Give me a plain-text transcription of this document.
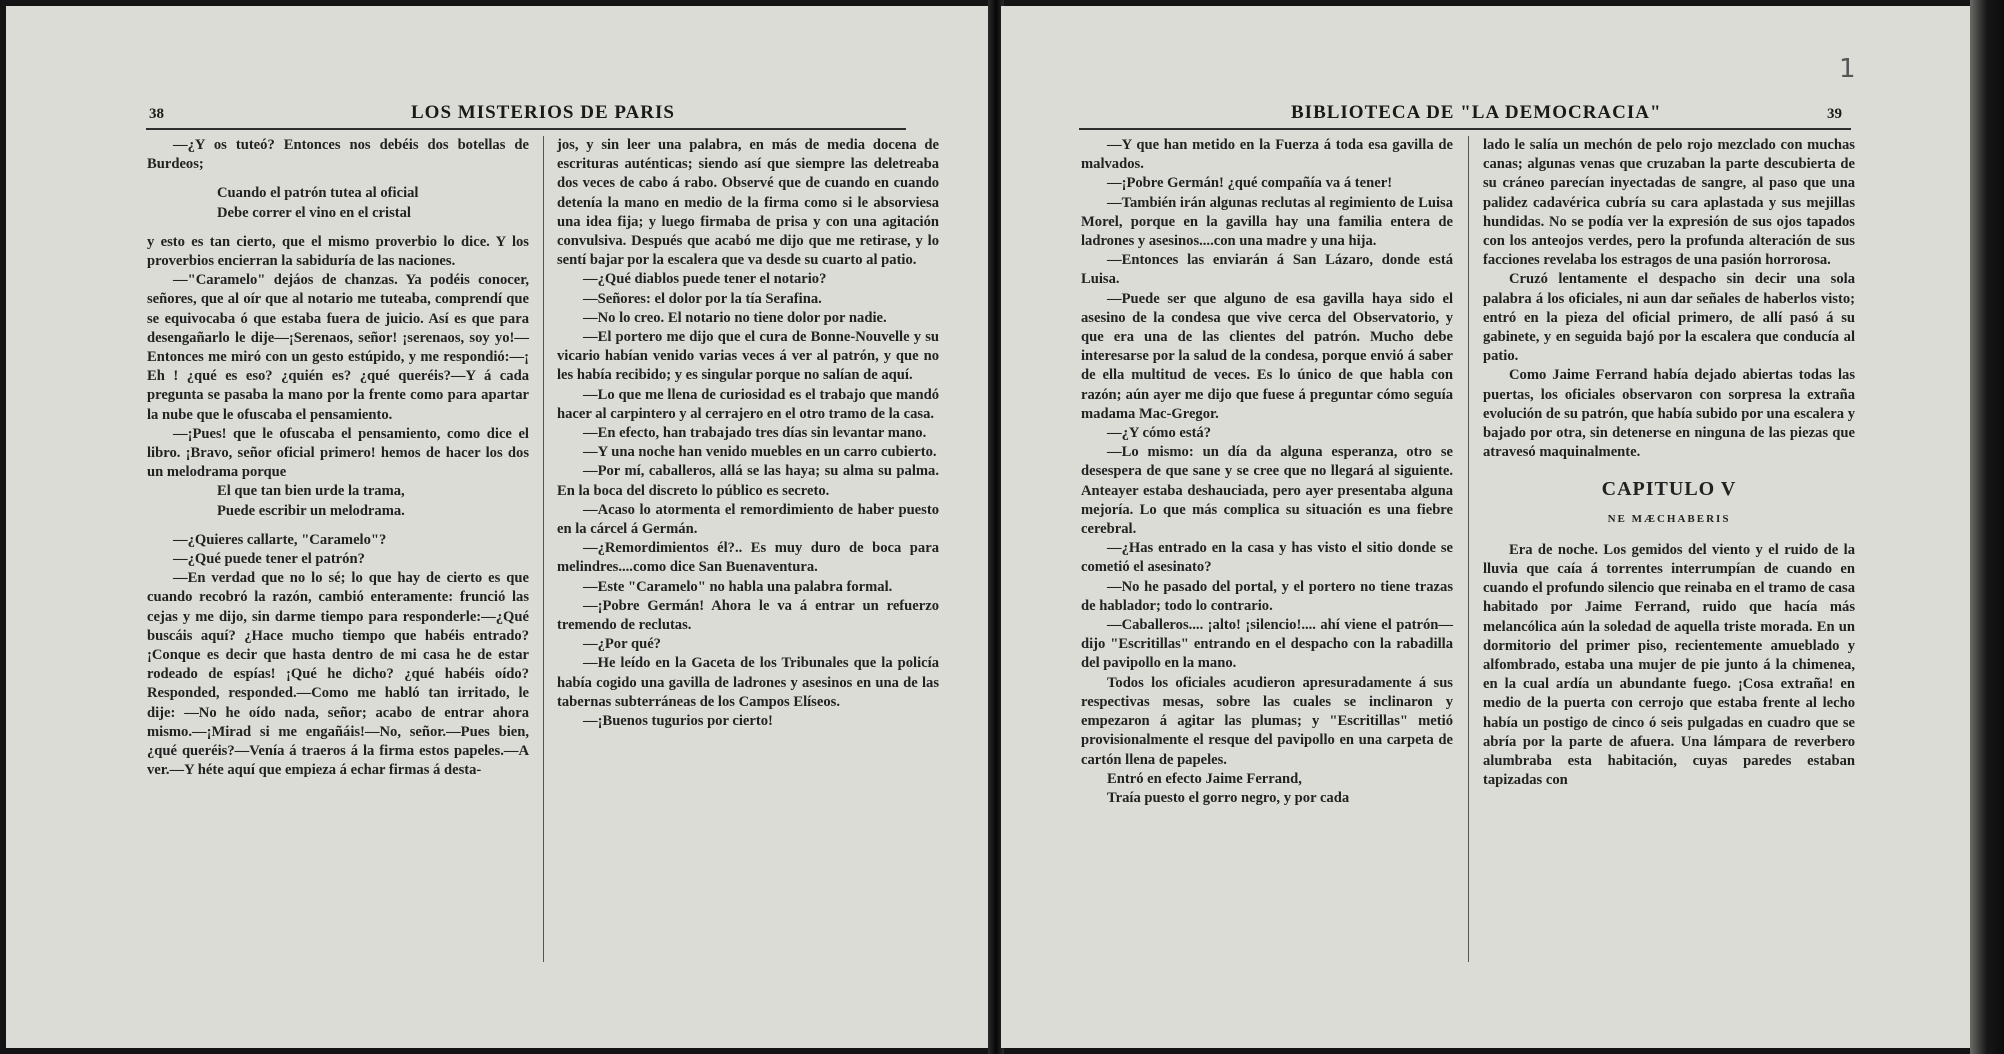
38	LOS MISTERIOS DE PARIS

—¿Y os tuteó? Entonces nos debéis dos botellas de Burdeos;

Cuando el patrón tutea al oficial

Debe correr el vino en el cristal

y esto es tan cierto, que el mismo proverbio lo dice. Y los proverbios encierran la sabiduría de las naciones.

—"Caramelo" dejáos de chanzas. Ya podéis conocer, señores, que al oír que al notario me tuteaba, comprendí que se equivocaba ó que estaba fuera de juicio. Así es que para desengañarlo le dije—¡Serenaos, señor! ¡serenaos, soy yo!—Entonces me miró con un gesto estúpido, y me respondió:—¡ Eh ! ¿qué es eso? ¿quién es? ¿qué queréis?—Y á cada pregunta se pasaba la mano por la frente como para apartar la nube que le ofuscaba el pensamiento.

—¡Pues! que le ofuscaba el pensamiento, como dice el libro. ¡Bravo, señor oficial primero! hemos de hacer los dos un melodrama porque

El que tan bien urde la trama,

Puede escribir un melodrama.

—¿Quieres callarte, "Caramelo"?

—¿Qué puede tener el patrón?

—En verdad que no lo sé; lo que hay de cierto es que cuando recobró la razón, cambió enteramente: frunció las cejas y me dijo, sin darme tiempo para responderle:—¿Qué buscáis aquí? ¿Hace mucho tiempo que habéis entrado? ¡Conque es decir que hasta dentro de mi casa he de estar rodeado de espías! ¡Qué he dicho? ¿qué habéis oído? Responded, responded.—Como me habló tan irritado, le dije: —No he oído nada, señor; acabo de entrar ahora mismo.—¡Mirad si me engañáis!—No, señor.—Pues bien, ¿qué queréis?—Venía á traeros á la firma estos papeles.—A ver.—Y héte aquí que empieza á echar firmas á desta-

jos, y sin leer una palabra, en más de media docena de escrituras auténticas; siendo así que siempre las deletreaba dos veces de cabo á rabo. Observé que de cuando en cuando detenía la mano en medio de la firma como si le absorviesa una idea fija; y luego firmaba de prisa y con una agitación convulsiva. Después que acabó me dijo que me retirase, y lo sentí bajar por la escalera que va desde su cuarto al patio.

—¿Qué diablos puede tener el notario?

—Señores: el dolor por la tía Serafina.

—No lo creo. El notario no tiene dolor por nadie.

—El portero me dijo que el cura de Bonne-Nouvelle y su vicario habían venido varias veces á ver al patrón, y que no les había recibido; y es singular porque no salían de aquí.

—Lo que me llena de curiosidad es el trabajo que mandó hacer al carpintero y al cerrajero en el otro tramo de la casa.

—En efecto, han trabajado tres días sin levantar mano.

—Y una noche han venido muebles en un carro cubierto.

—Por mí, caballeros, allá se las haya; su alma su palma. En la boca del discreto lo público es secreto.

—Acaso lo atormenta el remordimiento de haber puesto en la cárcel á Germán.

—¿Remordimientos él?.. Es muy duro de boca para melindres....como dice San Buenaventura.

—Este "Caramelo" no habla una palabra formal.

—¡Pobre Germán! Ahora le va á entrar un refuerzo tremendo de reclutas.

—¿Por qué?

—He leído en la Gaceta de los Tribunales que la policía había cogido una gavilla de ladrones y asesinos en una de las tabernas subterráneas de los Campos Elíseos.

—¡Buenos tugurios por cierto!

BIBLIOTECA DE "LA DEMOCRACIA"	39

—Y que han metido en la Fuerza á toda esa gavilla de malvados.

—¡Pobre Germán! ¿qué compañía va á tener!

—También irán algunas reclutas al regimiento de Luisa Morel, porque en la gavilla hay una familia entera de ladrones y asesinos....con una madre y una hija.

—Entonces las enviarán á San Lázaro, donde está Luisa.

—Puede ser que alguno de esa gavilla haya sido el asesino de la condesa que vive cerca del Observatorio, y que era una de las clientes del patrón. Mucho debe interesarse por la salud de la condesa, porque envió á saber de ella multitud de veces. Es lo único de que habla con razón; aún ayer me dijo que fuese á preguntar cómo seguía madama Mac-Gregor.

—¿Y cómo está?

—Lo mismo: un día da alguna esperanza, otro se desespera de que sane y se cree que no llegará al siguiente. Anteayer estaba deshauciada, pero ayer presentaba alguna mejoría. Lo que más complica su situación es una fiebre cerebral.

—¿Has entrado en la casa y has visto el sitio donde se cometió el asesinato?

—No he pasado del portal, y el portero no tiene trazas de hablador; todo lo contrario.

—Caballeros.... ¡alto! ¡silencio!.... ahí viene el patrón—dijo "Escritillas" entrando en el despacho con la rabadilla del pavipollo en la mano.

Todos los oficiales acudieron apresuradamente á sus respectivas mesas, sobre las cuales se inclinaron y empezaron á agitar las plumas; y "Escritillas" metió provisionalmente el resque del pavipollo en una carpeta de cartón llena de papeles.

Entró en efecto Jaime Ferrand,

Traía puesto el gorro negro, y por cada

lado le salía un mechón de pelo rojo mezclado con muchas canas; algunas venas que cruzaban la parte descubierta de su cráneo parecían inyectadas de sangre, al paso que una palidez cadavérica cubría su cara aplastada y sus mejillas hundidas. No se podía ver la expresión de sus ojos tapados con los anteojos verdes, pero la profunda alteración de sus facciones revelaba los estragos de una pasión horrorosa.

Cruzó lentamente el despacho sin decir una sola palabra á los oficiales, ni aun dar señales de haberlos visto; entró en la pieza del oficial primero, de allí pasó á su gabinete, y en seguida bajó por la escalera que conducía al patio.

Como Jaime Ferrand había dejado abiertas todas las puertas, los oficiales observaron con sorpresa la extraña evolución de su patrón, que había subido por una escalera y bajado por otra, sin detenerse en ninguna de las piezas que atravesó maquinalmente.

CAPITULO V
NE MÆCHABERIS

Era de noche. Los gemidos del viento y el ruido de la lluvia que caía á torrentes interrumpían de cuando en cuando el profundo silencio que reinaba en el tramo de casa habitado por Jaime Ferrand, ruido que hacía más melancólica aún la soledad de aquella triste morada. En un dormitorio del primer piso, recientemente amueblado y alfombrado, estaba una mujer de pie junto á la chimenea, en la cual ardía un abundante fuego. ¡Cosa extraña! en medio de la puerta con cerrojo que estaba frente al lecho había un postigo de cinco ó seis pulgadas en cuadro que se abría por la parte de afuera. Una lámpara de reverbero alumbraba esta habitación, cuyas paredes estaban tapizadas con

1
